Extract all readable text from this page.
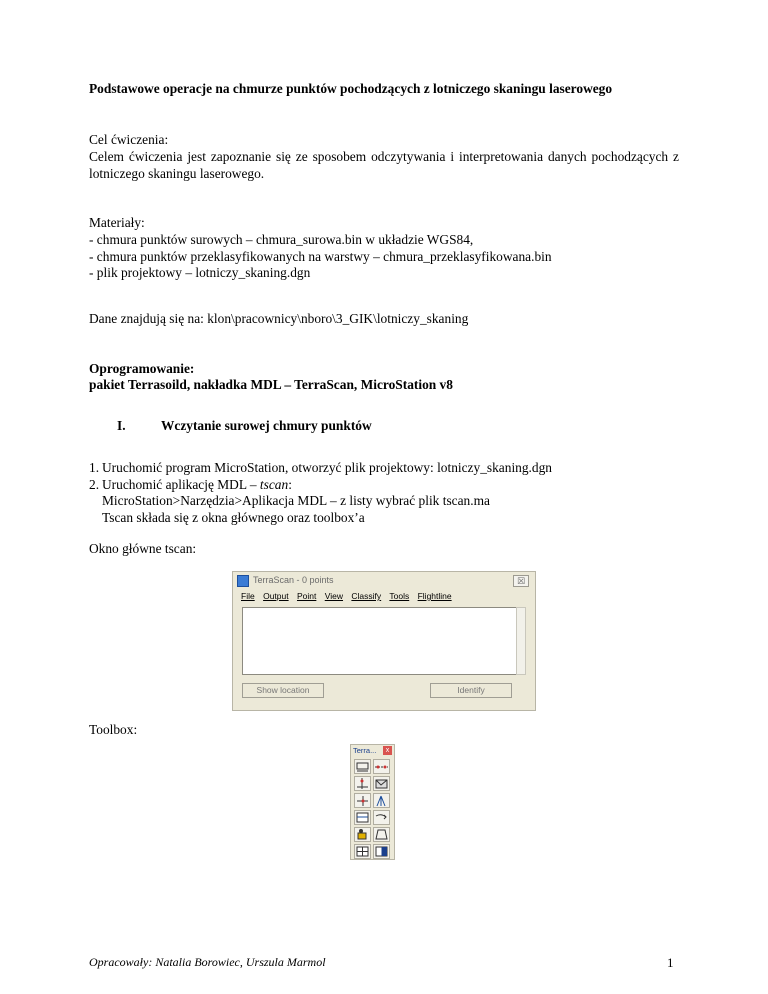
Podstawowe operacje na chmurze punktów pochodzących z lotniczego skaningu laserowego

Cel ćwiczenia:

Celem ćwiczenia jest zapoznanie się ze sposobem odczytywania i interpretowania danych pochodzących z lotniczego skaningu laserowego.

Materiały:

- chmura punktów surowych – chmura_surowa.bin w układzie WGS84,

- chmura punktów przeklasyfikowanych na warstwy – chmura_przeklasyfikowana.bin

- plik projektowy – lotniczy_skaning.dgn

Dane znajdują się na: klon\pracownicy\nboro\3_GIK\lotniczy_skaning

Oprogramowanie:

pakiet Terrasoild, nakładka MDL – TerraScan, MicroStation v8

I.	Wczytanie surowej chmury punktów
1. Uruchomić program MicroStation, otworzyć plik projektowy: lotniczy_skaning.dgn
2. Uruchomić aplikację MDL – tscan:
MicroStation>Narzędzia>Aplikacja MDL – z listy wybrać plik tscan.ma
Tscan składa się z okna głównego oraz toolbox’a

Okno główne tscan:

TerraScan - 0 points	☒
File Output Point View Classify Tools Flightline
Show location	Identify

Toolbox:

Terra...	x
Opracowały: Natalia Borowiec, Urszula Marmol	1
